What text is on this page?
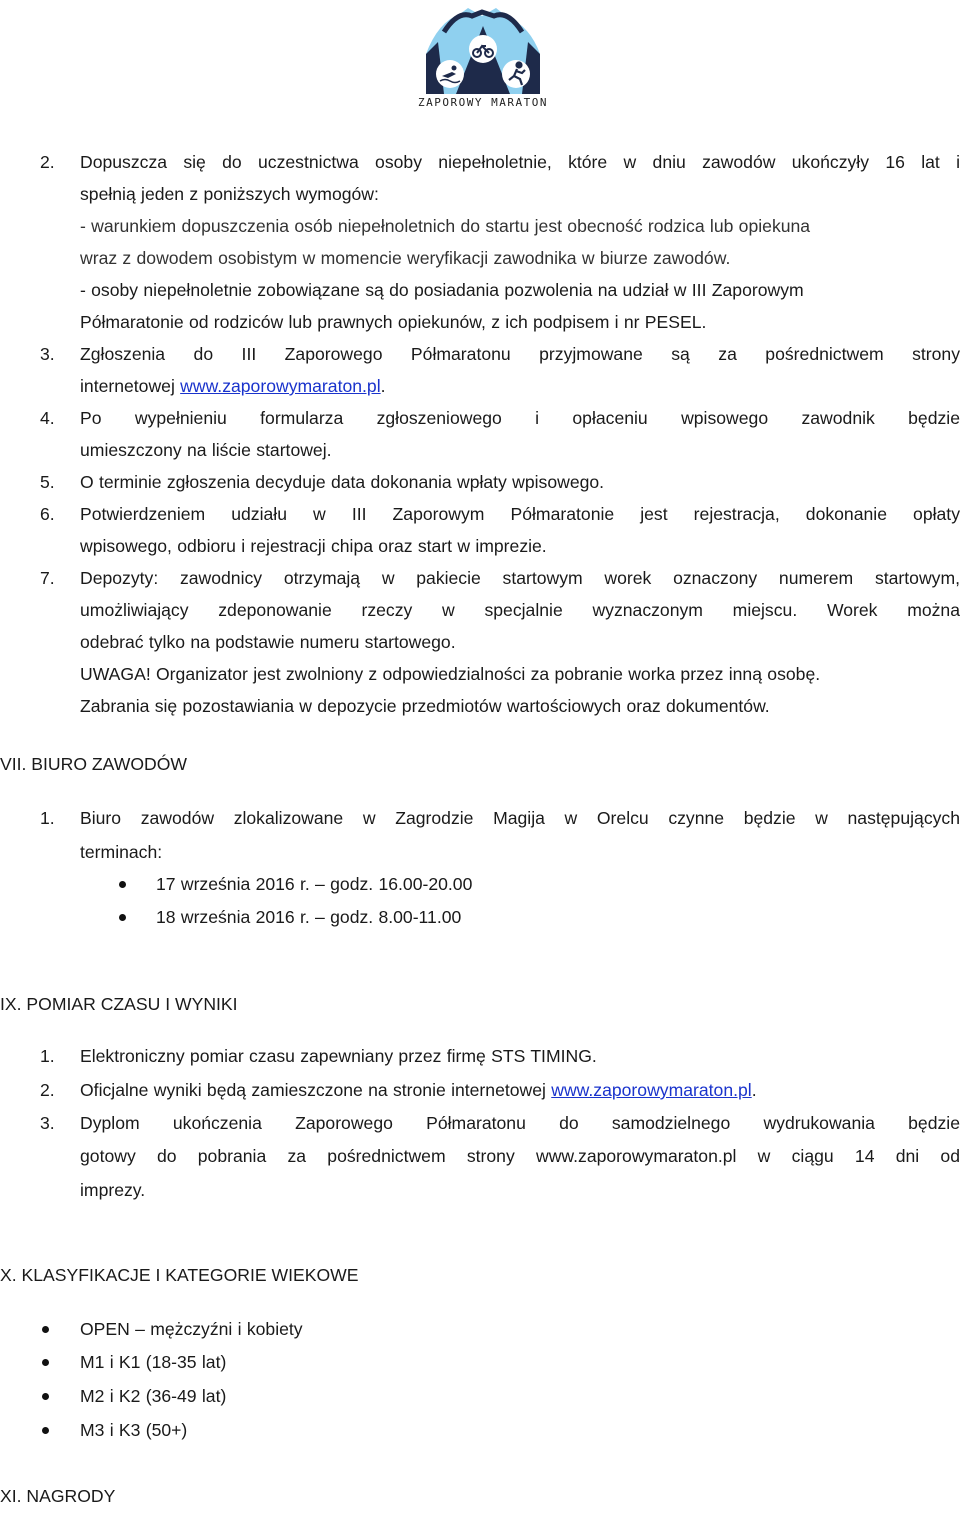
ZAPOROWY MARATON
2. Dopuszcza się do uczestnictwa osoby niepełnoletnie, które w dniu zawodów ukończyły 16 lat i
spełnią jeden z poniższych wymogów:
- warunkiem dopuszczenia osób niepełnoletnich do startu jest obecność rodzica lub opiekuna
wraz z dowodem osobistym w momencie weryfikacji zawodnika w biurze zawodów.
- osoby niepełnoletnie zobowiązane są do posiadania pozwolenia na udział w III Zaporowym
Półmaratonie od rodziców lub prawnych opiekunów, z ich podpisem i nr PESEL.
3. Zgłoszenia do III Zaporowego Półmaratonu przyjmowane są za pośrednictwem strony
internetowej www.zaporowymaraton.pl.
4. Po wypełnieniu formularza zgłoszeniowego i opłaceniu wpisowego zawodnik będzie
umieszczony na liście startowej.
5. O terminie zgłoszenia decyduje data dokonania wpłaty wpisowego.
6. Potwierdzeniem udziału w III Zaporowym Półmaratonie jest rejestracja, dokonanie opłaty
wpisowego, odbioru i rejestracji chipa oraz start w imprezie.
7. Depozyty: zawodnicy otrzymają w pakiecie startowym worek oznaczony numerem startowym,
umożliwiający zdeponowanie rzeczy w specjalnie wyznaczonym miejscu. Worek można
odebrać tylko na podstawie numeru startowego.
UWAGA! Organizator jest zwolniony z odpowiedzialności za pobranie worka przez inną osobę.
Zabrania się pozostawiania w depozycie przedmiotów wartościowych oraz dokumentów.
VII. BIURO ZAWODÓW
1. Biuro zawodów zlokalizowane w Zagrodzie Magija w Orelcu czynne będzie w następujących
terminach:
17 września 2016 r. – godz. 16.00-20.00
18 września 2016 r. – godz. 8.00-11.00
IX. POMIAR CZASU I WYNIKI
1. Elektroniczny pomiar czasu zapewniany przez firmę STS TIMING.
2. Oficjalne wyniki będą zamieszczone na stronie internetowej www.zaporowymaraton.pl.
3. Dyplom ukończenia Zaporowego Półmaratonu do samodzielnego wydrukowania będzie
gotowy do pobrania za pośrednictwem strony www.zaporowymaraton.pl w ciągu 14 dni od
imprezy.
X. KLASYFIKACJE I KATEGORIE WIEKOWE
OPEN – mężczyźni i kobiety
M1 i K1 (18-35 lat)
M2 i K2 (36-49 lat)
M3 i K3 (50+)
XI. NAGRODY
